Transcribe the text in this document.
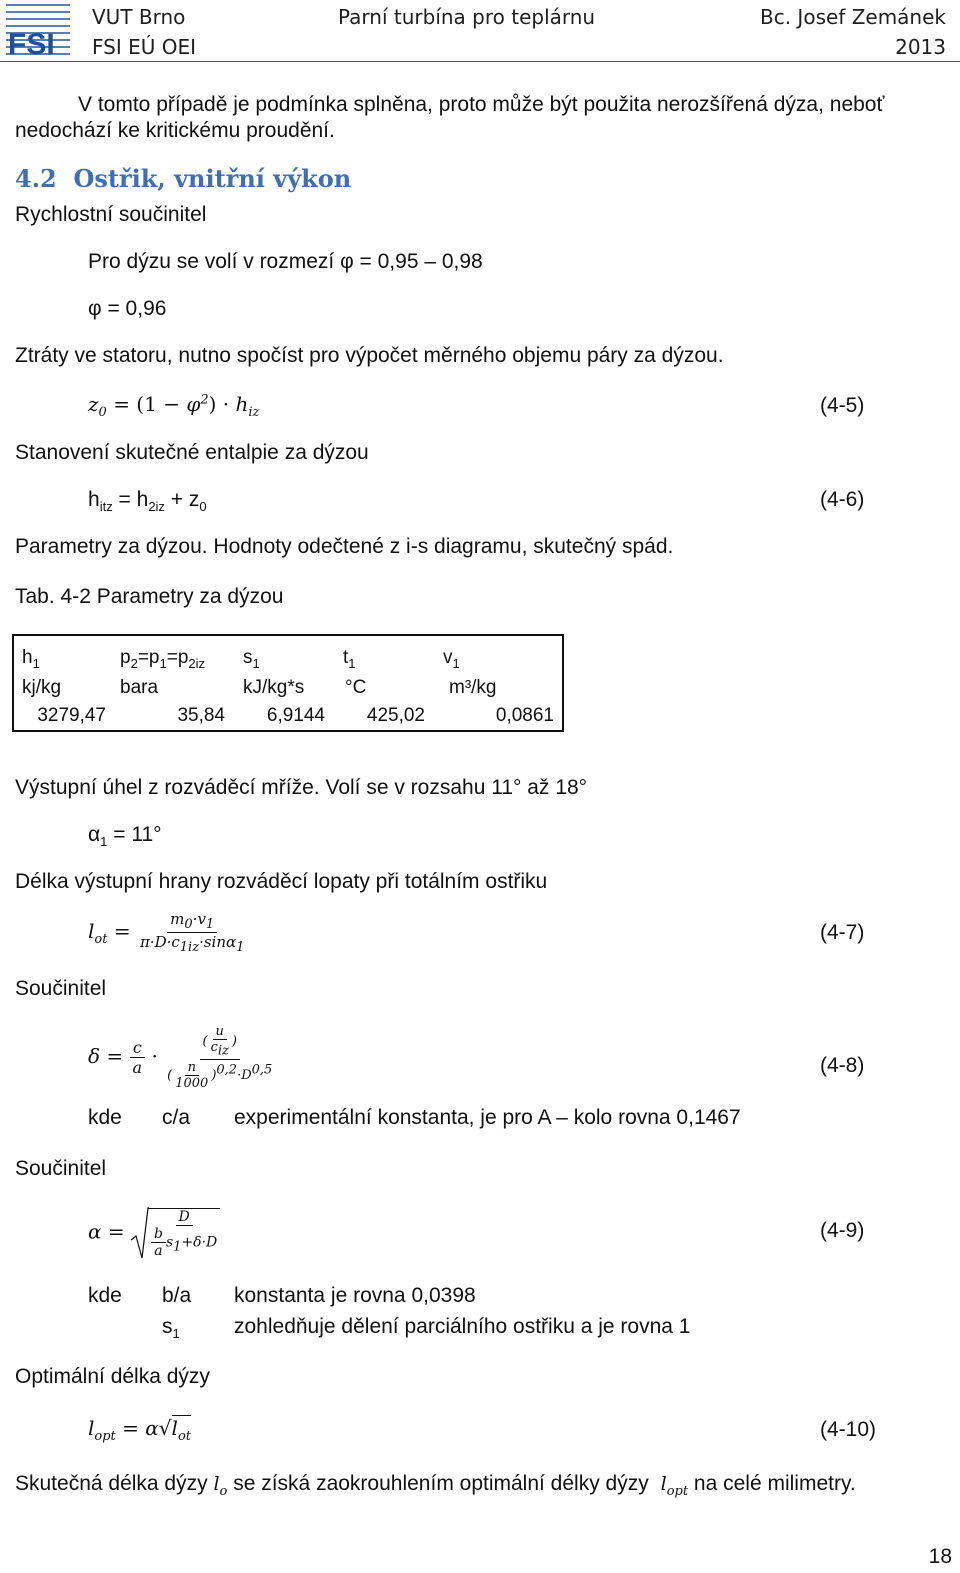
FSI
VUT Brno
FSI EÚ OEI
Parní turbína pro teplárnu	Bc. Josef Zemánek
2013
V tomto případě je podmínka splněna, proto může být použita nerozšířená dýza, neboť
nedochází ke kritickému proudění.
4.2 Ostřik, vnitřní výkon
Rychlostní součinitel
Pro dýzu se volí v rozmezí φ = 0,95 – 0,98
φ = 0,96
Ztráty ve statoru, nutno spočíst pro výpočet měrného objemu páry za dýzou.
$z_0 = (1 - \varphi^2) \cdot h_{iz}$	(4-5)
Stanovení skutečné entalpie za dýzou
$h_{itz} = h_{2iz} + z_0$	(4-6)
Parametry za dýzou. Hodnoty odečtené z i-s diagramu, skutečný spád.
Tab. 4-2 Parametry za dýzou
$h_1$	$p_2=p_1=p_{2iz}$	$s_1$	$t_1$	$v_1$
kj/kg	bara	kJ/kg*s	°C	m³/kg
3279,47	35,84	6,9144	425,02	0,0861
Výstupní úhel z rozváděcí mříže. Volí se v rozsahu 11° až 18°
$\alpha_1 = 11^\circ$
Délka výstupní hrany rozváděcí lopaty při totálním ostřiku
$l_{ot} = \frac{m_0\cdot v_1}{\pi\cdot D\cdot c_{1iz}\cdot\sin\alpha_1}$	(4-7)
Součinitel
$\delta = \frac{c}{a} \cdot \frac{( \frac{u}{c_{iz}} )}{( \frac{n}{1000} )^{0,2}\cdot D^{0,5}}$	(4-8)
kde c/a experimentální konstanta, je pro A – kolo rovna 0,1467
Součinitel
$\alpha = \frac{D}{\frac{b}{a} s_1+\delta\cdot D}$	(4-9)
kde b/a konstanta je rovna 0,0398
$s_1$	zohledňuje dělení parciálního ostřiku a je rovna 1
Optimální délka dýzy
$l_{opt} = \alpha√l_{ot}$	(4-10)
Skutečná délka dýzy $l_o$ se získá zaokrouhlením optimální délky dýzy  $l_{opt}$ na celé milimetry.
18
